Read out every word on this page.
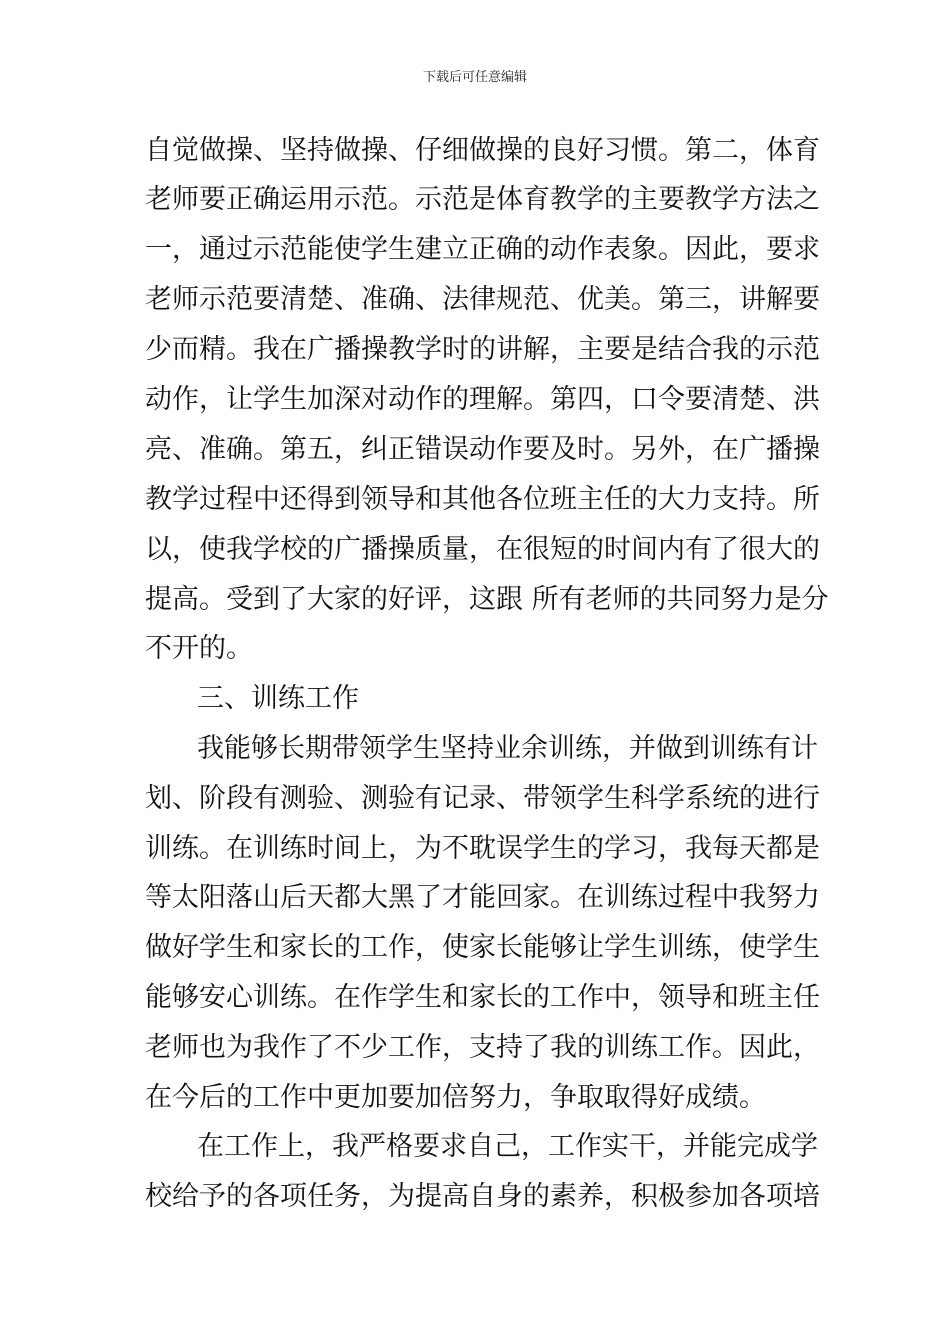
下载后可任意编辑
自觉做操、坚持做操、仔细做操的良好习惯。第二，体育
老师要正确运用示范。示范是体育教学的主要教学方法之
一，通过示范能使学生建立正确的动作表象。因此，要求
老师示范要清楚、准确、法律规范、优美。第三，讲解要
少而精。我在广播操教学时的讲解，主要是结合我的示范
动作，让学生加深对动作的理解。第四，口令要清楚、洪
亮、准确。第五，纠正错误动作要及时。另外，在广播操
教学过程中还得到领导和其他各位班主任的大力支持。所
以，使我学校的广播操质量，在很短的时间内有了很大的
提高。受到了大家的好评，这跟 所有老师的共同努力是分
不开的。
三、训练工作
我能够长期带领学生坚持业余训练，并做到训练有计
划、阶段有测验、测验有记录、带领学生科学系统的进行
训练。在训练时间上，为不耽误学生的学习，我每天都是
等太阳落山后天都大黑了才能回家。在训练过程中我努力
做好学生和家长的工作，使家长能够让学生训练，使学生
能够安心训练。在作学生和家长的工作中，领导和班主任
老师也为我作了不少工作，支持了我的训练工作。因此，
在今后的工作中更加要加倍努力，争取取得好成绩。
在工作上，我严格要求自己，工作实干，并能完成学
校给予的各项任务，为提高自身的素养，积极参加各项培
